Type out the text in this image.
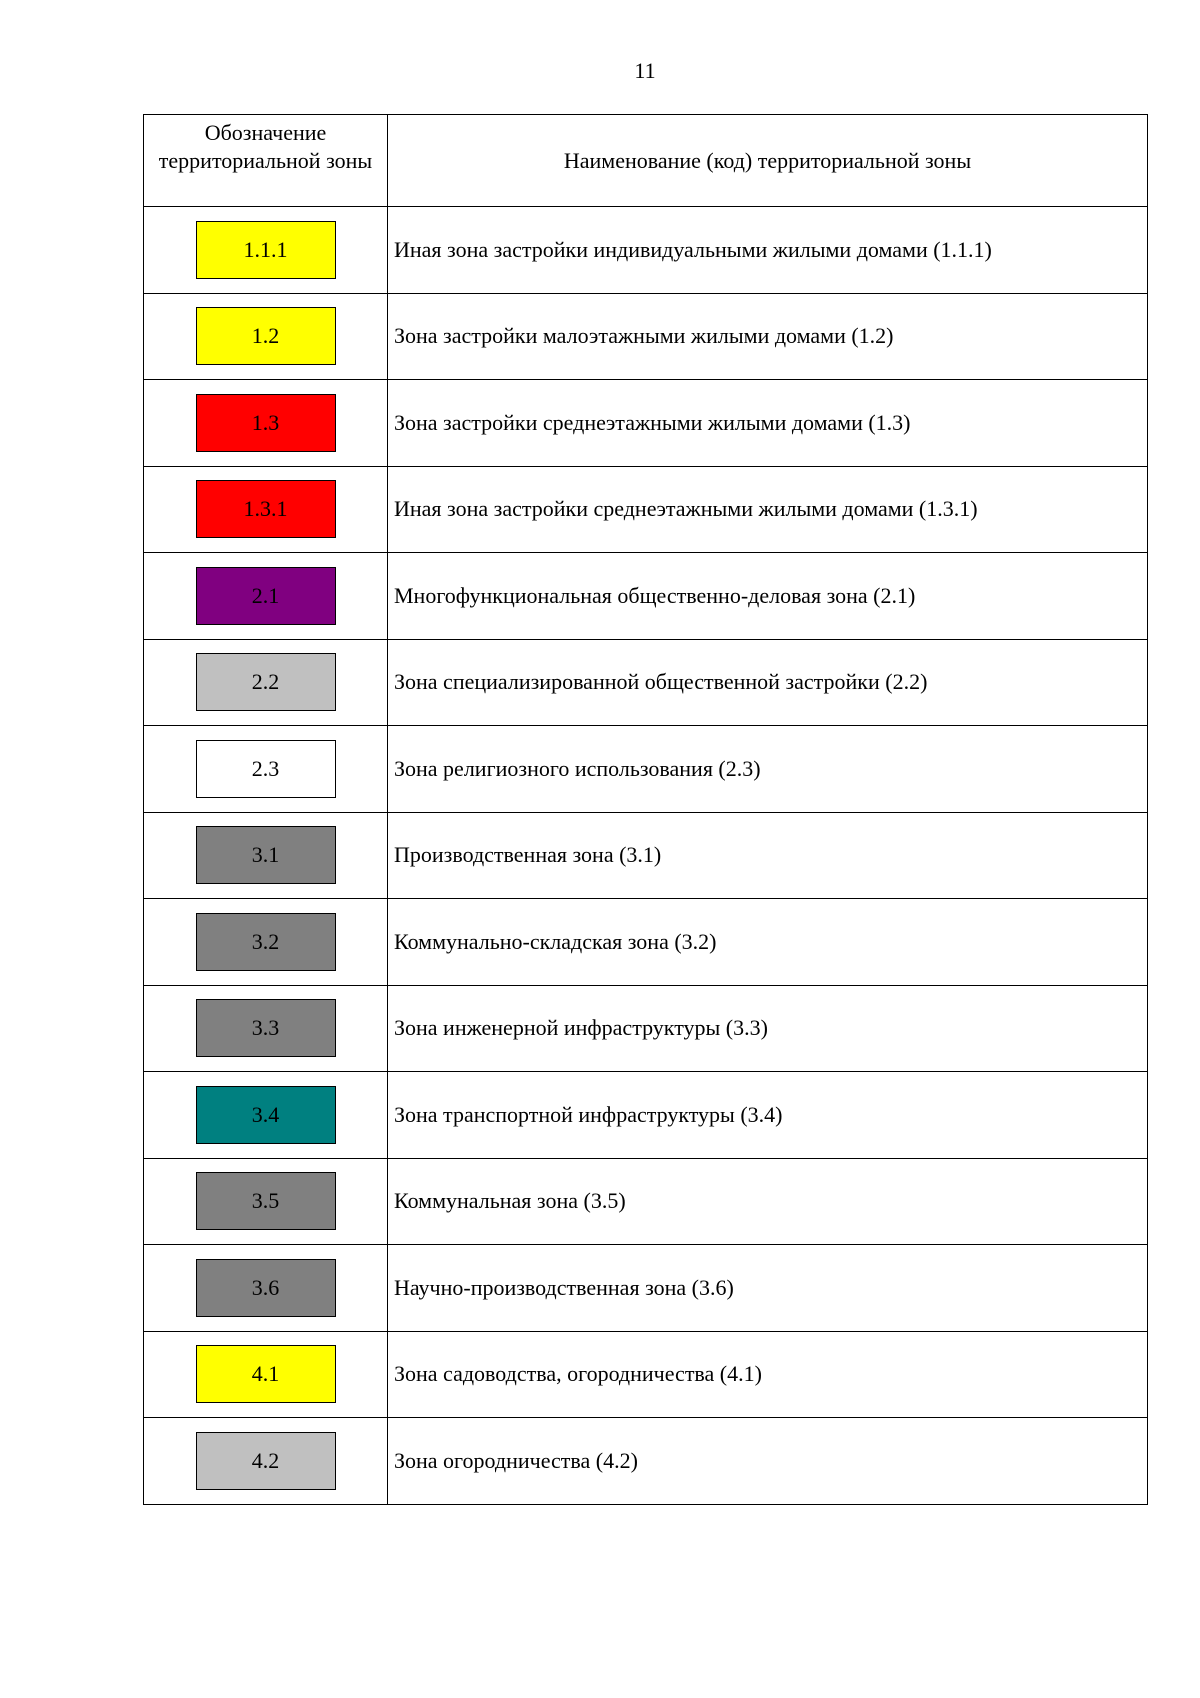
11
Обозначение территориальной зоны	Наименование (код) территориальной зоны
1.1.1	Иная зона застройки индивидуальными жилыми домами (1.1.1)
1.2	Зона застройки малоэтажными жилыми домами (1.2)
1.3	Зона застройки среднеэтажными жилыми домами (1.3)
1.3.1	Иная зона застройки среднеэтажными жилыми домами (1.3.1)
2.1	Многофункциональная общественно-деловая зона (2.1)
2.2	Зона специализированной общественной застройки (2.2)
2.3	Зона религиозного использования (2.3)
3.1	Производственная зона (3.1)
3.2	Коммунально-складская зона (3.2)
3.3	Зона инженерной инфраструктуры (3.3)
3.4	Зона транспортной инфраструктуры (3.4)
3.5	Коммунальная зона (3.5)
3.6	Научно-производственная зона (3.6)
4.1	Зона садоводства, огородничества (4.1)
4.2	Зона огородничества (4.2)
